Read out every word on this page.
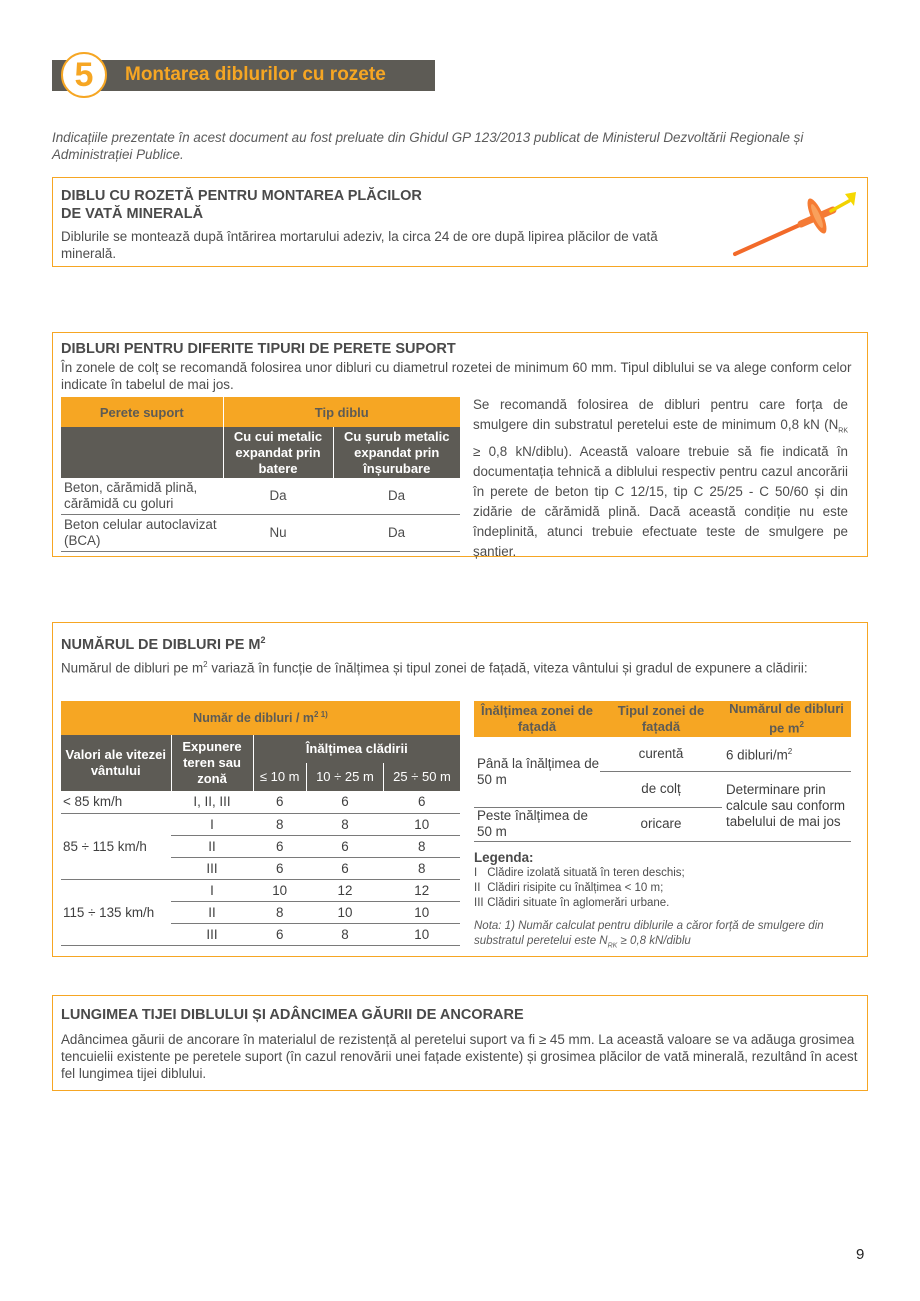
5	Montarea diblurilor cu rozete
Indicațiile prezentate în acest document au fost preluate din Ghidul GP 123/2013 publicat de Ministerul Dezvoltării Regionale și Administrației Publice.
DIBLU CU ROZETĂ PENTRU MONTAREA PLĂCILOR
DE VATĂ MINERALĂ
Diblurile se montează după întărirea mortarului adeziv, la circa 24 de ore după lipirea plăcilor de vată minerală.
DIBLURI PENTRU DIFERITE TIPURI DE PERETE SUPORT
În zonele de colț se recomandă folosirea unor dibluri cu diametrul rozetei de minimum 60 mm. Tipul diblului se va alege conform celor indicate în tabelul de mai jos.
Perete suport	Tip diblu	
	Cu cui metalic expandat prin batere	Cu șurub metalic expandat prin înșurubare
Beton, cărămidă plină, cărămidă cu goluri	Da	Da
Beton celular autoclavizat (BCA)	Nu	Da
Se recomandă folosirea de dibluri pentru care forța de smulgere din substratul peretelui este de minimum 0,8 kN ($N_{RK} \ge 0,8$ kN/diblu). Această valoare trebuie să fie indicată în documentația tehnică a diblului respectiv pentru cazul ancorării în perete de beton tip C 12/15, tip C 25/25 - C 50/60 și din zidărie de cărămidă plină. Dacă această condiție nu este îndeplinită, atunci trebuie efectuate teste de smulgere pe șantier.
NUMĂRUL DE DIBLURI PE $M^2$
Numărul de dibluri pe $m^2$ variază în funcție de înălțimea și tipul zonei de fațadă, viteza vântului și gradul de expunere a clădirii:
Număr de dibluri / $m^{2 1)}$
Valori ale vitezei vântului	Expunere teren sau zonă	Înălțimea clădirii		
		≤ 10 m	10 ÷ 25 m	25 ÷ 50 m
< 85 km/h	I, II, III	6	6	6
85 ÷ 115 km/h	I	8	8	10
	II	6	6	8
	III	6	6	8
115 ÷ 135 km/h	I	10	12	12
	II	8	10	10
	III	6	8	10
Înălțimea zonei de fațadă	Tipul zonei de fațadă	Numărul de dibluri pe $m^2$
Până la înălțimea de 50 m	curentă	6 dibluri/$m^2$
	de colț	Determinare prin calcule sau conform tabelului de mai jos
Peste înălțimea de 50 m	oricare	
Legenda:
I Clădire izolată situată în teren deschis;
II Clădiri risipite cu înălțimea < 10 m;
III Clădiri situate în aglomerări urbane.
Nota: 1) Număr calculat pentru diblurile a căror forță de smulgere din substratul peretelui este $N_{RK} \ge 0,8$ kN/diblu
LUNGIMEA TIJEI DIBLULUI ȘI ADÂNCIMEA GĂURII DE ANCORARE
Adâncimea găurii de ancorare în materialul de rezistență al peretelui suport va fi ≥ 45 mm. La această valoare se va adăuga grosimea tencuielii existente pe peretele suport (în cazul renovării unei fațade existente) și grosimea plăcilor de vată minerală, rezultând în acest fel lungimea tijei diblului.
9
